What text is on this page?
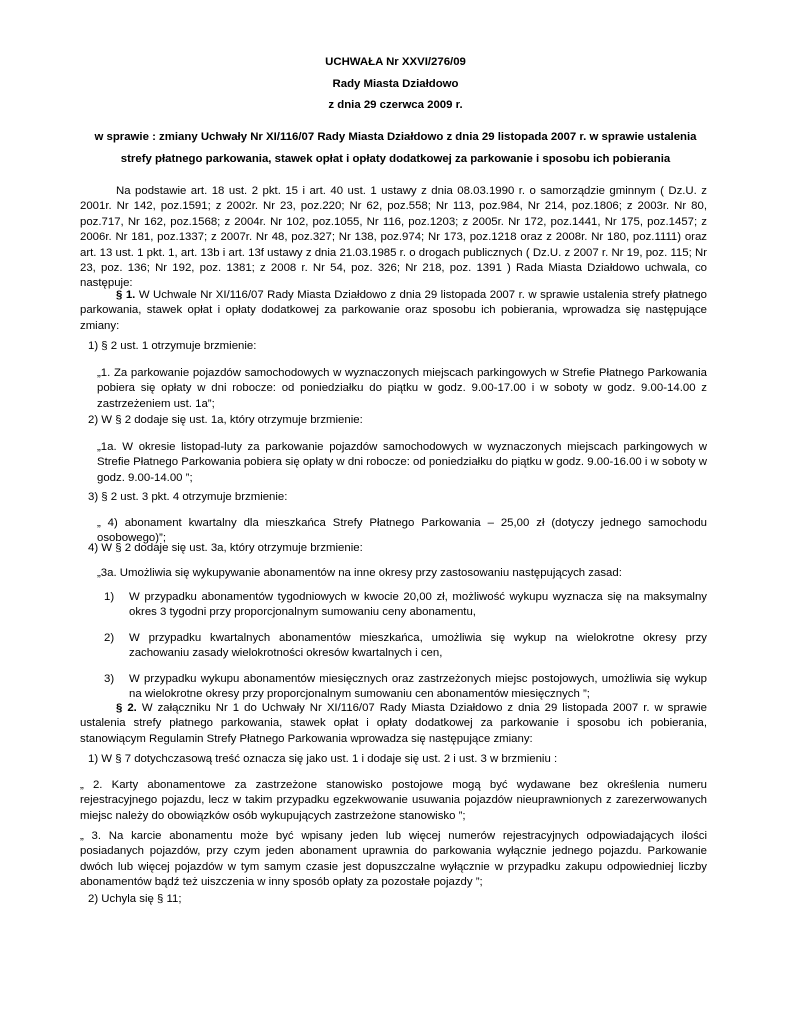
UCHWAŁA Nr XXVI/276/09

Rady Miasta Działdowo

z dnia 29 czerwca 2009 r.

w sprawie : zmiany Uchwały Nr XI/116/07 Rady Miasta Działdowo z dnia 29 listopada 2007 r. w sprawie ustalenia

strefy płatnego parkowania, stawek opłat i opłaty dodatkowej za parkowanie i sposobu ich pobierania

Na podstawie art. 18 ust. 2 pkt. 15 i art. 40 ust. 1 ustawy z dnia 08.03.1990 r. o samorządzie gminnym ( Dz.U. z 2001r. Nr 142, poz.1591; z 2002r. Nr 23, poz.220; Nr 62, poz.558; Nr 113, poz.984, Nr 214, poz.1806; z 2003r. Nr 80, poz.717, Nr 162, poz.1568; z 2004r. Nr 102, poz.1055, Nr 116, poz.1203; z 2005r. Nr 172, poz.1441, Nr 175, poz.1457; z 2006r. Nr 181, poz.1337; z 2007r. Nr 48, poz.327; Nr 138, poz.974; Nr 173, poz.1218 oraz z 2008r. Nr 180, poz.1111) oraz art. 13 ust. 1 pkt. 1, art. 13b i art. 13f ustawy z dnia 21.03.1985 r. o drogach publicznych ( Dz.U. z 2007 r. Nr 19, poz. 115; Nr 23, poz. 136; Nr 192, poz. 1381; z 2008 r. Nr 54, poz. 326; Nr 218, poz. 1391 ) Rada Miasta Działdowo uchwala, co następuje:

§ 1. W Uchwale Nr XI/116/07 Rady Miasta Działdowo z dnia 29 listopada 2007 r. w sprawie ustalenia strefy płatnego parkowania, stawek opłat i opłaty dodatkowej za parkowanie oraz sposobu ich pobierania, wprowadza się następujące zmiany:

1) § 2 ust. 1 otrzymuje brzmienie:

„1. Za parkowanie pojazdów samochodowych w wyznaczonych miejscach parkingowych w Strefie Płatnego Parkowania pobiera się opłaty w dni robocze: od poniedziałku do piątku w godz. 9.00-17.00 i w soboty w godz. 9.00-14.00 z zastrzeżeniem ust. 1a”;

2) W § 2 dodaje się ust. 1a, który otrzymuje brzmienie:

„1a. W okresie listopad-luty za parkowanie pojazdów samochodowych w wyznaczonych miejscach parkingowych w Strefie Płatnego Parkowania pobiera się opłaty w dni robocze: od poniedziałku do piątku w godz. 9.00-16.00 i w soboty w godz. 9.00-14.00 ”;

3) § 2 ust. 3 pkt. 4 otrzymuje brzmienie:

„ 4) abonament kwartalny dla mieszkańca Strefy Płatnego Parkowania – 25,00 zł (dotyczy jednego samochodu osobowego)”;

4) W § 2 dodaje się ust. 3a, który otrzymuje brzmienie:

„3a. Umożliwia się wykupywanie abonamentów na inne okresy przy zastosowaniu następujących zasad:

1) W przypadku abonamentów tygodniowych w kwocie 20,00 zł, możliwość wykupu wyznacza się na maksymalny okres 3 tygodni przy proporcjonalnym sumowaniu ceny abonamentu,
2) W przypadku kwartalnych abonamentów mieszkańca, umożliwia się wykup na wielokrotne okresy przy zachowaniu zasady wielokrotności okresów kwartalnych i cen,
3) W przypadku wykupu abonamentów miesięcznych oraz zastrzeżonych miejsc postojowych, umożliwia się wykup na wielokrotne okresy przy proporcjonalnym sumowaniu cen abonamentów miesięcznych ”;

§ 2. W załączniku Nr 1 do Uchwały Nr XI/116/07 Rady Miasta Działdowo z dnia 29 listopada 2007 r. w sprawie ustalenia strefy płatnego parkowania, stawek opłat i opłaty dodatkowej za parkowanie i sposobu ich pobierania, stanowiącym Regulamin Strefy Płatnego Parkowania wprowadza się następujące zmiany:

1) W § 7 dotychczasową treść oznacza się jako ust. 1 i dodaje się ust. 2 i ust. 3 w brzmieniu :

„ 2. Karty abonamentowe za zastrzeżone stanowisko postojowe mogą być wydawane bez określenia numeru rejestracyjnego pojazdu, lecz w takim przypadku egzekwowanie usuwania pojazdów nieuprawnionych z zarezerwowanych miejsc należy do obowiązków osób wykupujących zastrzeżone stanowisko ”;

„ 3. Na karcie abonamentu może być wpisany jeden lub więcej numerów rejestracyjnych odpowiadających ilości posiadanych pojazdów, przy czym jeden abonament uprawnia do parkowania wyłącznie jednego pojazdu. Parkowanie dwóch lub więcej pojazdów w tym samym czasie jest dopuszczalne wyłącznie w przypadku zakupu odpowiedniej liczby abonamentów bądź też uiszczenia w inny sposób opłaty za pozostałe pojazdy ”;

2) Uchyla się § 11;
